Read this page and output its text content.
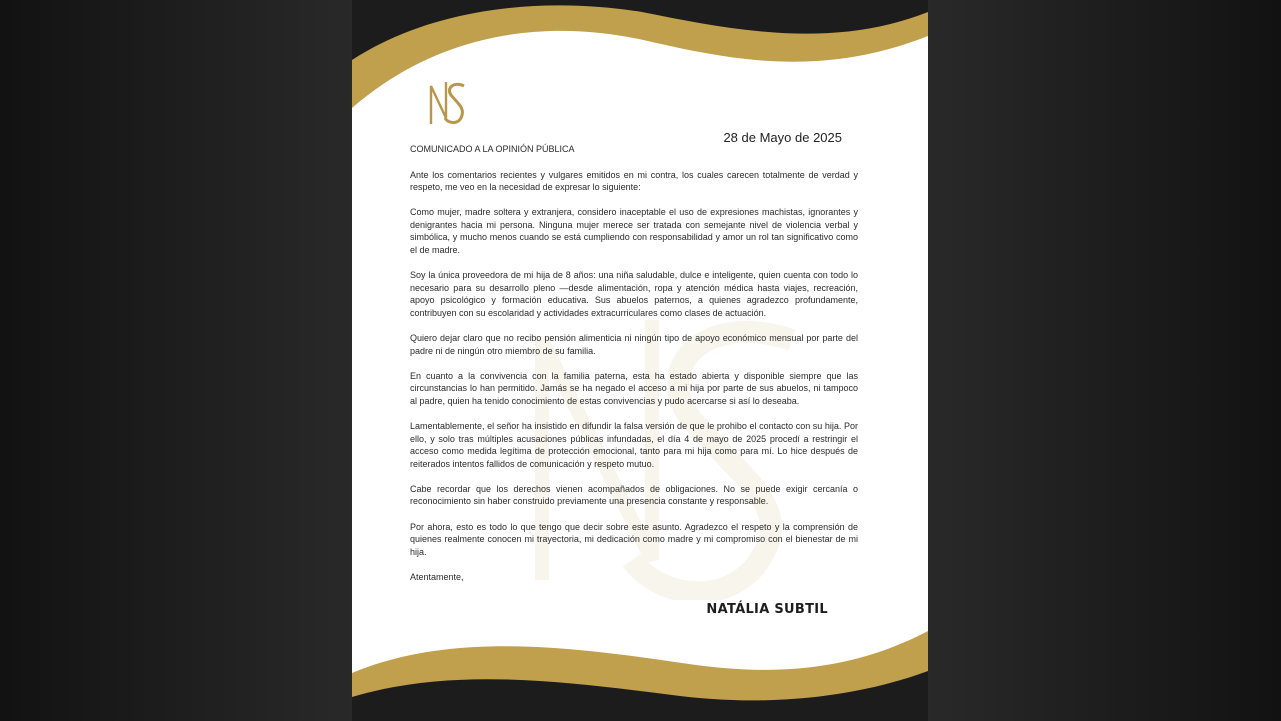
28 de Mayo de 2025

COMUNICADO A LA OPINIÓN PÚBLICA

Ante los comentarios recientes y vulgares emitidos en mi contra, los cuales carecen totalmente de verdad y respeto, me veo en la necesidad de expresar lo siguiente:

Como mujer, madre soltera y extranjera, considero inaceptable el uso de expresiones machistas, ignorantes y denigrantes hacia mi persona. Ninguna mujer merece ser tratada con semejante nivel de violencia verbal y simbólica, y mucho menos cuando se está cumpliendo con responsabilidad y amor un rol tan significativo como el de madre.

Soy la única proveedora de mi hija de 8 años: una niña saludable, dulce e inteligente, quien cuenta con todo lo necesario para su desarrollo pleno —desde alimentación, ropa y atención médica hasta viajes, recreación, apoyo psicológico y formación educativa. Sus abuelos paternos, a quienes agradezco profundamente, contribuyen con su escolaridad y actividades extracurriculares como clases de actuación.

Quiero dejar claro que no recibo pensión alimenticia ni ningún tipo de apoyo económico mensual por parte del padre ni de ningún otro miembro de su familia.

En cuanto a la convivencia con la familia paterna, esta ha estado abierta y disponible siempre que las circunstancias lo han permitido. Jamás se ha negado el acceso a mi hija por parte de sus abuelos, ni tampoco al padre, quien ha tenido conocimiento de estas convivencias y pudo acercarse si así lo deseaba.

Lamentablemente, el señor ha insistido en difundir la falsa versión de que le prohibo el contacto con su hija. Por ello, y solo tras múltiples acusaciones públicas infundadas, el día 4 de mayo de 2025 procedí a restringir el acceso como medida legítima de protección emocional, tanto para mi hija como para mí. Lo hice después de reiterados intentos fallidos de comunicación y respeto mutuo.

Cabe recordar que los derechos vienen acompañados de obligaciones. No se puede exigir cercanía o reconocimiento sin haber construido previamente una presencia constante y responsable.

Por ahora, esto es todo lo que tengo que decir sobre este asunto. Agradezco el respeto y la comprensión de quienes realmente conocen mi trayectoria, mi dedicación como madre y mi compromiso con el bienestar de mi hija.

Atentamente,

NATÁLIA SUBTIL
